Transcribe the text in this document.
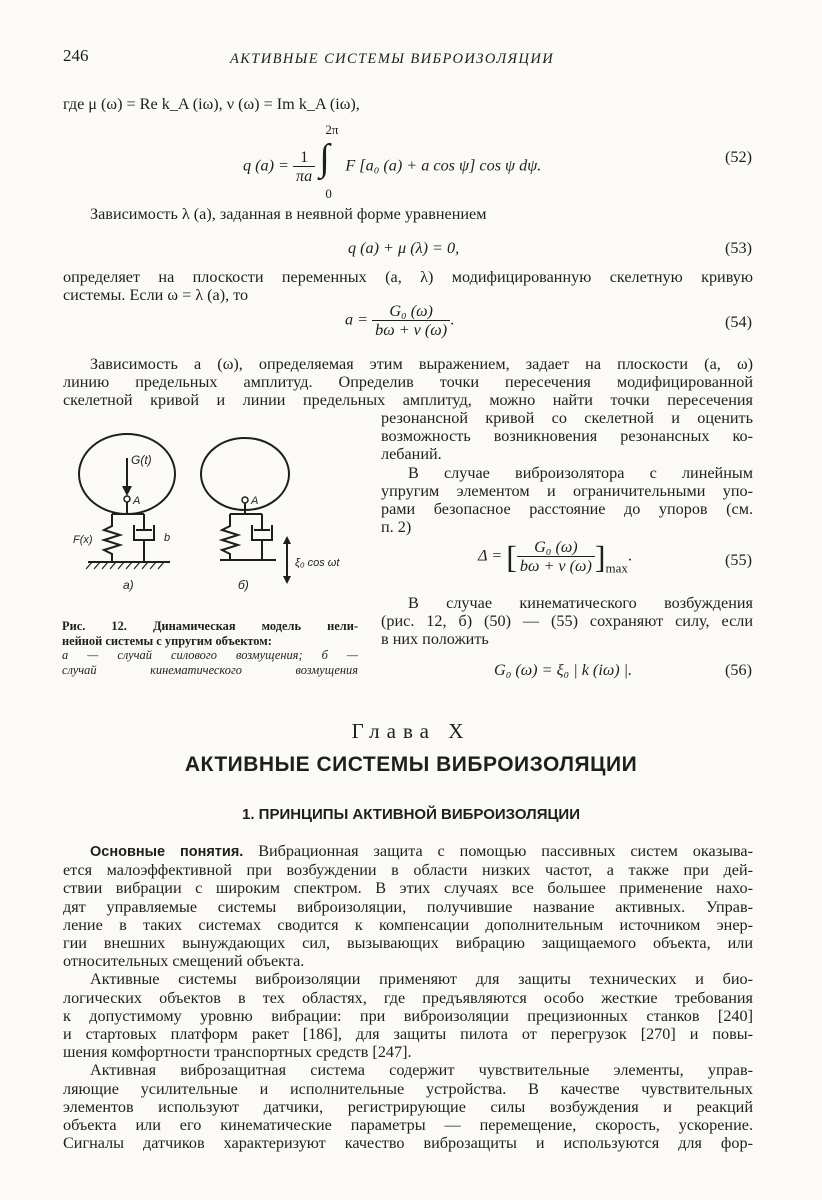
246	АКТИВНЫЕ СИСТЕМЫ ВИБРОИЗОЛЯЦИИ
где μ (ω) = Re k_A (iω), ν (ω) = Im k_A (iω),
q $(a) = \frac{1}{\pi a}$
∫
2π
0
F [a₀ (a) + a cos ψ] cos ψ dψ.	(52)
Зависимость λ (a), заданная в неявной форме уравнением
q (a) + μ (λ) = 0,	(53)
определяет на плоскости переменных (a, λ) модифицированную скелетную кривую
системы. Если ω = λ (a), то
$a = \frac{\text{G₀ (ω)}}{b\omega + \nu (\omega)}$ .	(54)
Зависимость a (ω), определяемая этим выражением, задает на плоскости (a, ω)
линию предельных амплитуд. Определив точки пересечения модифицированной
скелетной кривой и линии предельных амплитуд, можно найти точки пересечения
резонансной кривой со скелетной и оценить
возможность возникновения резонансных ко-
лебаний.
В случае виброизолятора с линейным
упругим элементом и ограничительными упо-
рами безопасное расстояние до упоров (см.
п. 2)
Δ = [ $\frac{\text{G₀ (ω)}}{b\omega + \nu (\omega)} ]_{max}$.	(55)
В случае кинематического возбуждения
(рис. 12, б) (50) — (55) сохраняют силу, если
в них положить
G₀ (ω) = ξ₀ | k (iω) |.	(56)
G(t)
A	A
F(x)	b
ξ₀ cos ωt
а)	б)
Рис. 12. Динамическая модель нели-
нейной системы с упругим объектом:
а — случай силового возмущения; б —
случай кинематического возмущения
Глава X
АКТИВНЫЕ СИСТЕМЫ ВИБРОИЗОЛЯЦИИ
1. ПРИНЦИПЫ АКТИВНОЙ ВИБРОИЗОЛЯЦИИ
Основные понятия. Вибрационная защита с помощью пассивных систем оказыва-
ется малоэффективной при возбуждении в области низких частот, а также при дей-
ствии вибрации с широким спектром. В этих случаях все большее применение нахо-
дят управляемые системы виброизоляции, получившие название активных. Управ-
ление в таких системах сводится к компенсации дополнительным источником энер-
гии внешних вынуждающих сил, вызывающих вибрацию защищаемого объекта, или
относительных смещений объекта.
Активные системы виброизоляции применяют для защиты технических и био-
логических объектов в тех областях, где предъявляются особо жесткие требования
к допустимому уровню вибрации: при виброизоляции прецизионных станков [240]
и стартовых платформ ракет [186], для защиты пилота от перегрузок [270] и повы-
шения комфортности транспортных средств [247].
Активная виброзащитная система содержит чувствительные элементы, управ-
ляющие усилительные и исполнительные устройства. В качестве чувствительных
элементов используют датчики, регистрирующие силы возбуждения и реакций
объекта или его кинематические параметры — перемещение, скорость, ускорение.
Сигналы датчиков характеризуют качество виброзащиты и используются для фор-
